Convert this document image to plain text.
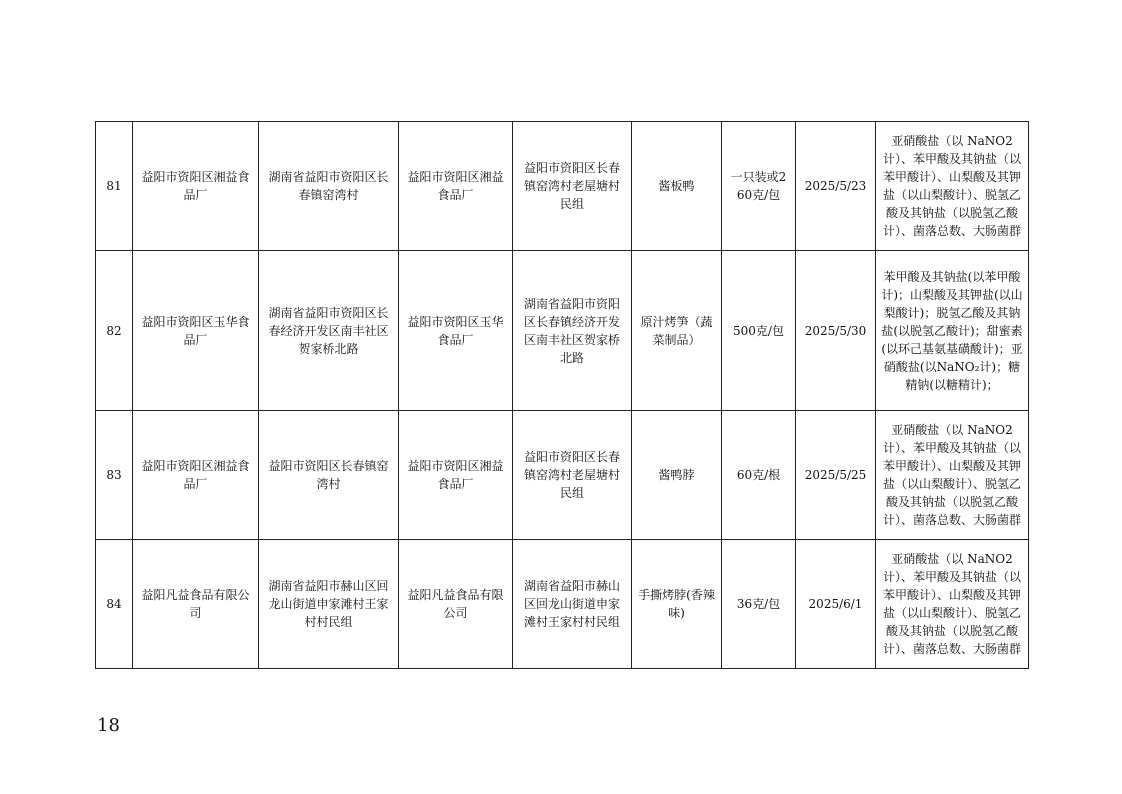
81	益阳市资阳区湘益食品厂	湖南省益阳市资阳区长春镇窑湾村	益阳市资阳区湘益食品厂	益阳市资阳区长春镇窑湾村老屋塘村民组	酱板鸭	一只装或260克/包	2025/5/23	亚硝酸盐（以 NaNO2计）、苯甲酸及其钠盐（以苯甲酸计）、山梨酸及其钾盐（以山梨酸计）、脱氢乙酸及其钠盐（以脱氢乙酸计）、菌落总数、大肠菌群
82	益阳市资阳区玉华食品厂	湖南省益阳市资阳区长春经济开发区南丰社区贺家桥北路	益阳市资阳区玉华食品厂	湖南省益阳市资阳区长春镇经济开发区南丰社区贺家桥北路	原汁烤笋（蔬菜制品）	500克/包	2025/5/30	苯甲酸及其钠盐(以苯甲酸计)；山梨酸及其钾盐(以山梨酸计)；脱氢乙酸及其钠盐(以脱氢乙酸计)；甜蜜素(以环己基氨基磺酸计)；亚硝酸盐(以NaNO₂计)；糖精钠(以糖精计)；
83	益阳市资阳区湘益食品厂	益阳市资阳区长春镇窑湾村	益阳市资阳区湘益食品厂	益阳市资阳区长春镇窑湾村老屋塘村民组	酱鸭脖	60克/根	2025/5/25	亚硝酸盐（以 NaNO2计）、苯甲酸及其钠盐（以苯甲酸计）、山梨酸及其钾盐（以山梨酸计）、脱氢乙酸及其钠盐（以脱氢乙酸计）、菌落总数、大肠菌群
84	益阳凡益食品有限公司	湖南省益阳市赫山区回龙山街道申家滩村王家村村民组	益阳凡益食品有限公司	湖南省益阳市赫山区回龙山街道申家滩村王家村村民组	手撕烤脖(香辣味)	36克/包	2025/6/1	亚硝酸盐（以 NaNO2计）、苯甲酸及其钠盐（以苯甲酸计）、山梨酸及其钾盐（以山梨酸计）、脱氢乙酸及其钠盐（以脱氢乙酸计）、菌落总数、大肠菌群
18
